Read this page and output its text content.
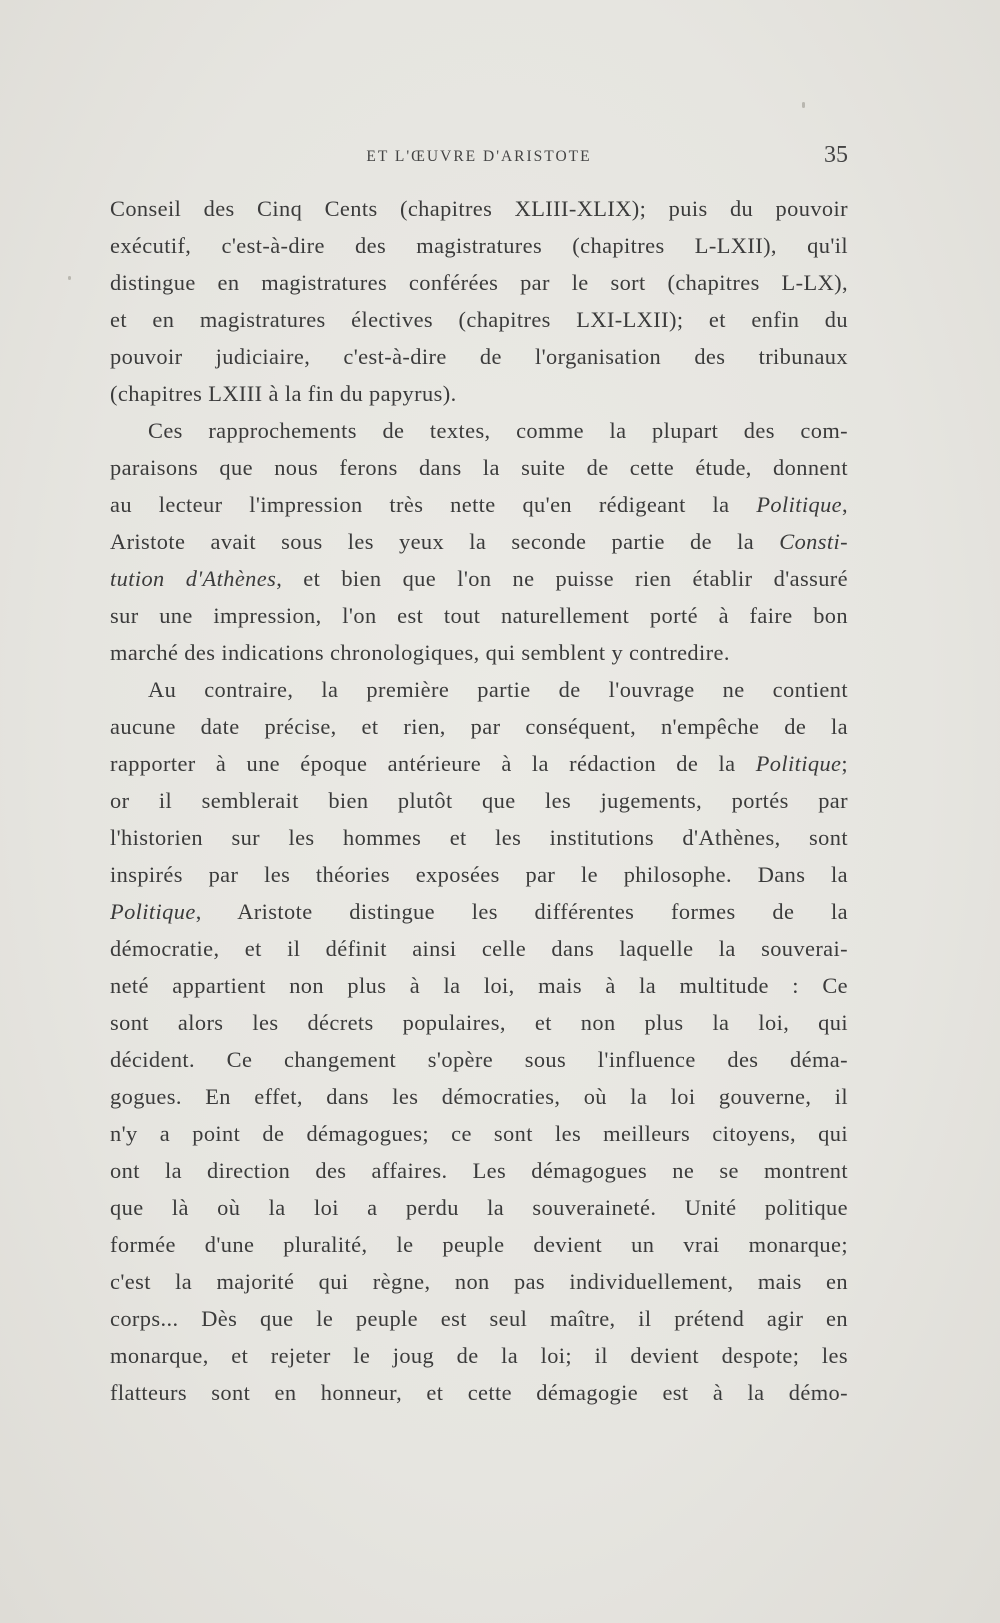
ET L'ŒUVRE D'ARISTOTE	35
Conseil des Cinq Cents (chapitres XLIII-XLIX); puis du pouvoir
exécutif, c'est-à-dire des magistratures (chapitres L-LXII), qu'il
distingue en magistratures conférées par le sort (chapitres L-LX),
et en magistratures électives (chapitres LXI-LXII); et enfin du
pouvoir judiciaire, c'est-à-dire de l'organisation des tribunaux
(chapitres LXIII à la fin du papyrus).
Ces rapprochements de textes, comme la plupart des com-
paraisons que nous ferons dans la suite de cette étude, donnent
au lecteur l'impression très nette qu'en rédigeant la Politique,
Aristote avait sous les yeux la seconde partie de la Consti-
tution d'Athènes, et bien que l'on ne puisse rien établir d'assuré
sur une impression, l'on est tout naturellement porté à faire bon
marché des indications chronologiques, qui semblent y contredire.
Au contraire, la première partie de l'ouvrage ne contient
aucune date précise, et rien, par conséquent, n'empêche de la
rapporter à une époque antérieure à la rédaction de la Politique;
or il semblerait bien plutôt que les jugements, portés par
l'historien sur les hommes et les institutions d'Athènes, sont
inspirés par les théories exposées par le philosophe. Dans la
Politique, Aristote distingue les différentes formes de la
démocratie, et il définit ainsi celle dans laquelle la souverai-
neté appartient non plus à la loi, mais à la multitude : Ce
sont alors les décrets populaires, et non plus la loi, qui
décident. Ce changement s'opère sous l'influence des déma-
gogues. En effet, dans les démocraties, où la loi gouverne, il
n'y a point de démagogues; ce sont les meilleurs citoyens, qui
ont la direction des affaires. Les démagogues ne se montrent
que là où la loi a perdu la souveraineté. Unité politique
formée d'une pluralité, le peuple devient un vrai monarque;
c'est la majorité qui règne, non pas individuellement, mais en
corps... Dès que le peuple est seul maître, il prétend agir en
monarque, et rejeter le joug de la loi; il devient despote; les
flatteurs sont en honneur, et cette démagogie est à la démo-
